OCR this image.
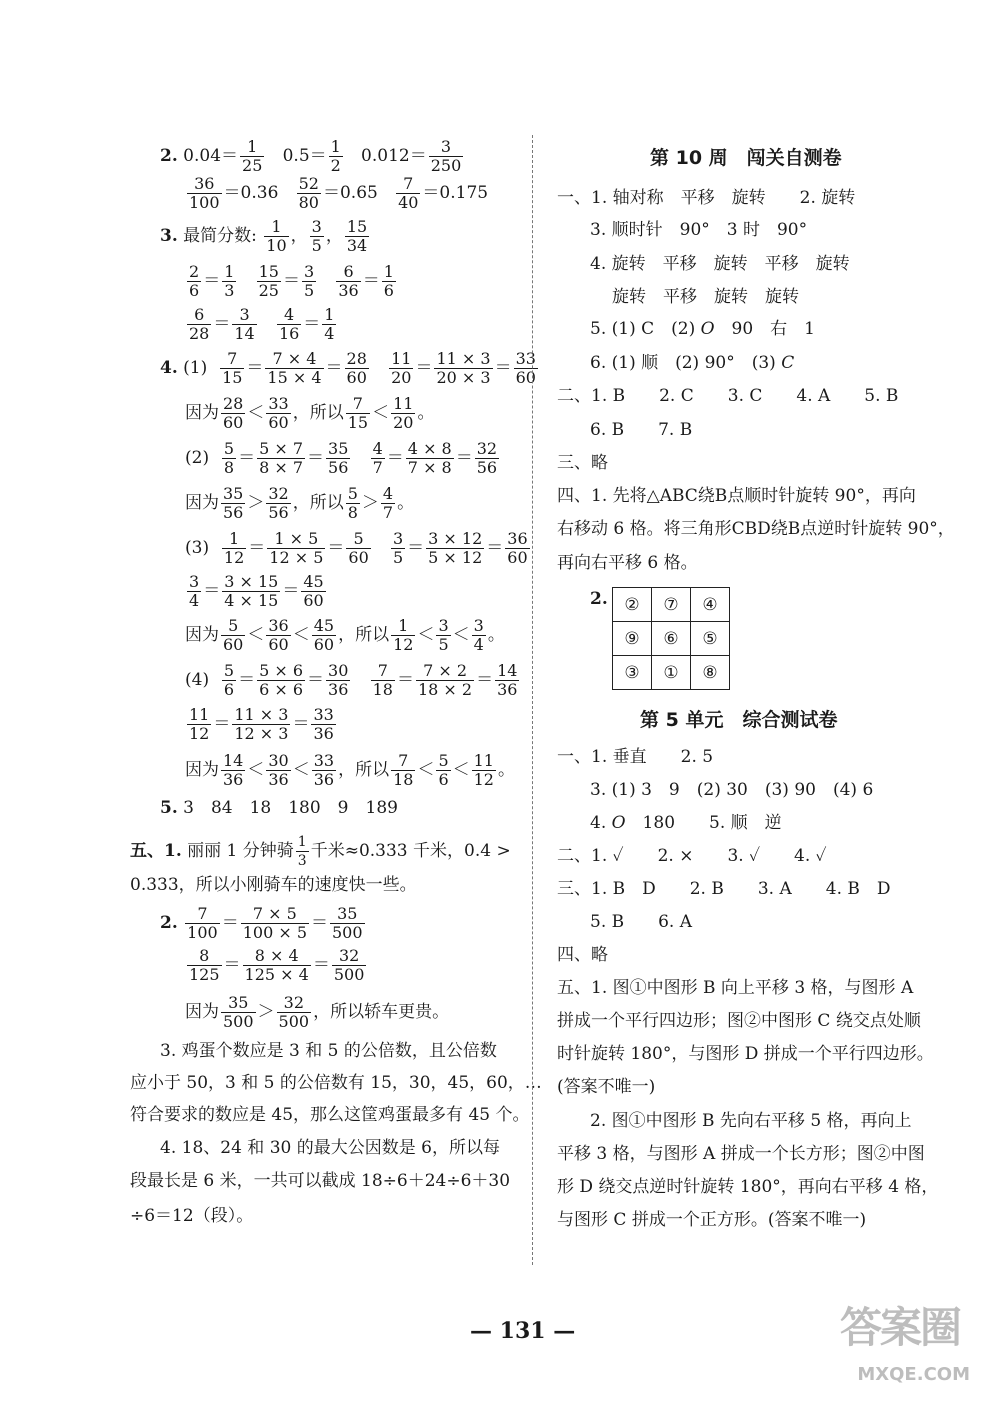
2. $0.04= \frac{1}{25} 0.5= \frac{1}{2} 0.012= \frac{3}{250}$
$\frac{36}{100} =0.36 \frac{52}{80} =0.65 \frac{7}{40} =0.175$
3. 最简分数: $\frac{1}{10}$ ， $\frac{3}{5}$ ， $\frac{15}{34}$
$\frac{2}{6} = \frac{1}{3}$
$\frac{15}{25} = \frac{3}{5}$
$\frac{6}{36} = \frac{1}{6}$
$\frac{6}{28} = \frac{3}{14}$
$\frac{4}{16} = \frac{1}{4}$
4. $(1) \frac{7}{15} = \frac{7 \times 4}{15 \times 4} = \frac{28}{60}$
$\frac{11}{20} = \frac{11 \times 3}{20 \times 3} = \frac{33}{60}$
因为 $\frac{28}{60} < \frac{33}{60}$ ，所以 $\frac{7}{15} < \frac{11}{20}$ 。
$(2) \frac{5}{8} = \frac{5 \times 7}{8 \times 7} = \frac{35}{56}$
$\frac{4}{7} = \frac{4 \times 8}{7 \times 8} = \frac{32}{56}$
因为 $\frac{35}{56} > \frac{32}{56}$ ，所以 $\frac{5}{8} > \frac{4}{7}$ 。
$(3) \frac{1}{12} = \frac{1 \times 5}{12 \times 5} = \frac{5}{60}$
$\frac{3}{5} = \frac{3 \times 12}{5 \times 12} = \frac{36}{60}$
$\frac{3}{4} = \frac{3 \times 15}{4 \times 15} = \frac{45}{60}$
因为 $\frac{5}{60} < \frac{36}{60} < \frac{45}{60}$ ，所以 $\frac{1}{12} < \frac{3}{5} < \frac{3}{4}$ 。
$(4) \frac{5}{6} = \frac{5 \times 6}{6 \times 6} = \frac{30}{36}$
$\frac{7}{18} = \frac{7 \times 2}{18 \times 2} = \frac{14}{36}$
$\frac{11}{12} = \frac{11 \times 3}{12 \times 3} = \frac{33}{36}$
因为 $\frac{14}{36} < \frac{30}{36} < \frac{33}{36}$ ，所以 $\frac{7}{18} < \frac{5}{6} < \frac{11}{12}$ 。
5. 3　84　18　180　9　189
五、1. 丽丽 1 分钟骑 $\frac{1}{3}$ 千米≈0.333 千米，0.4 >
0.333，所以小刚骑车的速度快一些。
2. $\frac{7}{100} = \frac{7 \times 5}{100 \times 5} = \frac{35}{500}$
$\frac{8}{125} = \frac{8 \times 4}{125 \times 4} = \frac{32}{500}$
因为 $\frac{35}{500} > \frac{32}{500}$ ，所以轿车更贵。
3. 鸡蛋个数应是 3 和 5 的公倍数，且公倍数
应小于 50，3 和 5 的公倍数有 15，30，45，60，…
符合要求的数应是 45，那么这筐鸡蛋最多有 45 个。
4. 18、24 和 30 的最大公因数是 6，所以每
段最长是 6 米，一共可以截成 18÷6＋24÷6＋30
÷6＝12（段）。
第 10 周　闯关自测卷
一、1. 轴对称　平移　旋转　　2. 旋转
3. 顺时针　90°　3 时　90°
4. 旋转　平移　旋转　平移　旋转
旋转　平移　旋转　旋转
5. (1) C　(2) O　90　右　1
6. (1) 顺　(2) 90°　(3) C
二、1. B　　2. C　　3. C　　4. A　　5. B
6. B　　7. B
三、略
四、1. 先将△ABC绕B点顺时针旋转 90°，再向
右移动 6 格。将三角形CBD绕B点逆时针旋转 90°，
再向右平移 6 格。
2. ②	⑦	④
⑨	⑥	⑤
③	①	⑧
第 5 单元　综合测试卷
一、1. 垂直　　2. 5
3. (1) 3　9　(2) 30　(3) 90　(4) 6
4. O　180　　5. 顺　逆
二、1. ✓　　2. ×　　3. ✓　　4. ✓
三、1. B　D　　2. B　　3. A　　4. B　D
5. B　　6. A
四、略
五、1. 图①中图形 B 向上平移 3 格，与图形 A
拼成一个平行四边形；图②中图形 C 绕交点处顺
时针旋转 180°，与图形 D 拼成一个平行四边形。
(答案不唯一)
2. 图①中图形 B 先向右平移 5 格，再向上
平移 3 格，与图形 A 拼成一个长方形；图②中图
形 D 绕交点逆时针旋转 180°，再向右平移 4 格，
与图形 C 拼成一个正方形。(答案不唯一)
— 131 —	答案圈
MXQE.COM
